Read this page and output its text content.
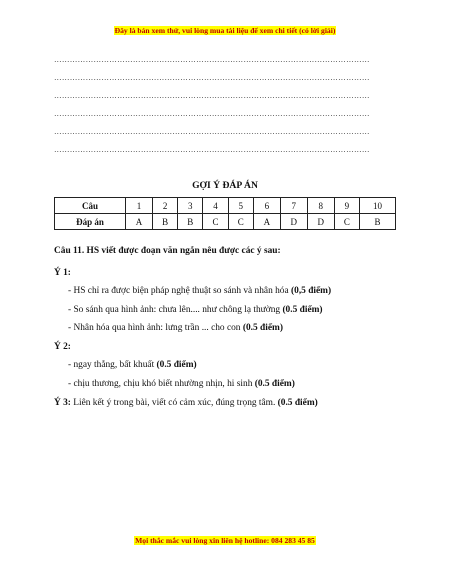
Đây là bản xem thử, vui lòng mua tài liệu để xem chi tiết (có lời giải)
…………………………………………………………………………………………………………
…………………………………………………………………………………………………………
…………………………………………………………………………………………………………
…………………………………………………………………………………………………………
…………………………………………………………………………………………………………
…………………………………………………………………………………………………………
GỢI Ý ĐÁP ÁN
Câu	1	2	3	4	5	6	7	8	9	10
Đáp án	A	B	B	C	C	A	D	D	C	B
Câu 11. HS viết được đoạn văn ngắn nêu được các ý sau:
Ý 1:
- HS chỉ ra được biện pháp nghệ thuật so sánh và nhân hóa (0,5 điểm)
- So sánh qua hình ảnh: chưa lên.... như chông lạ thường (0.5 điểm)
- Nhân hóa qua hình ảnh: lưng trần ... cho con (0.5 điểm)
Ý 2:
- ngay thẳng, bất khuất (0.5 điểm)
- chịu thương, chịu khó biết nhường nhịn, hi sinh (0.5 điểm)
Ý 3: Liên kết ý trong bài, viết có cảm xúc, đúng trọng tâm. (0.5 điểm)
Mọi thắc mắc vui lòng xin liên hệ hotline: 084 283 45 85
